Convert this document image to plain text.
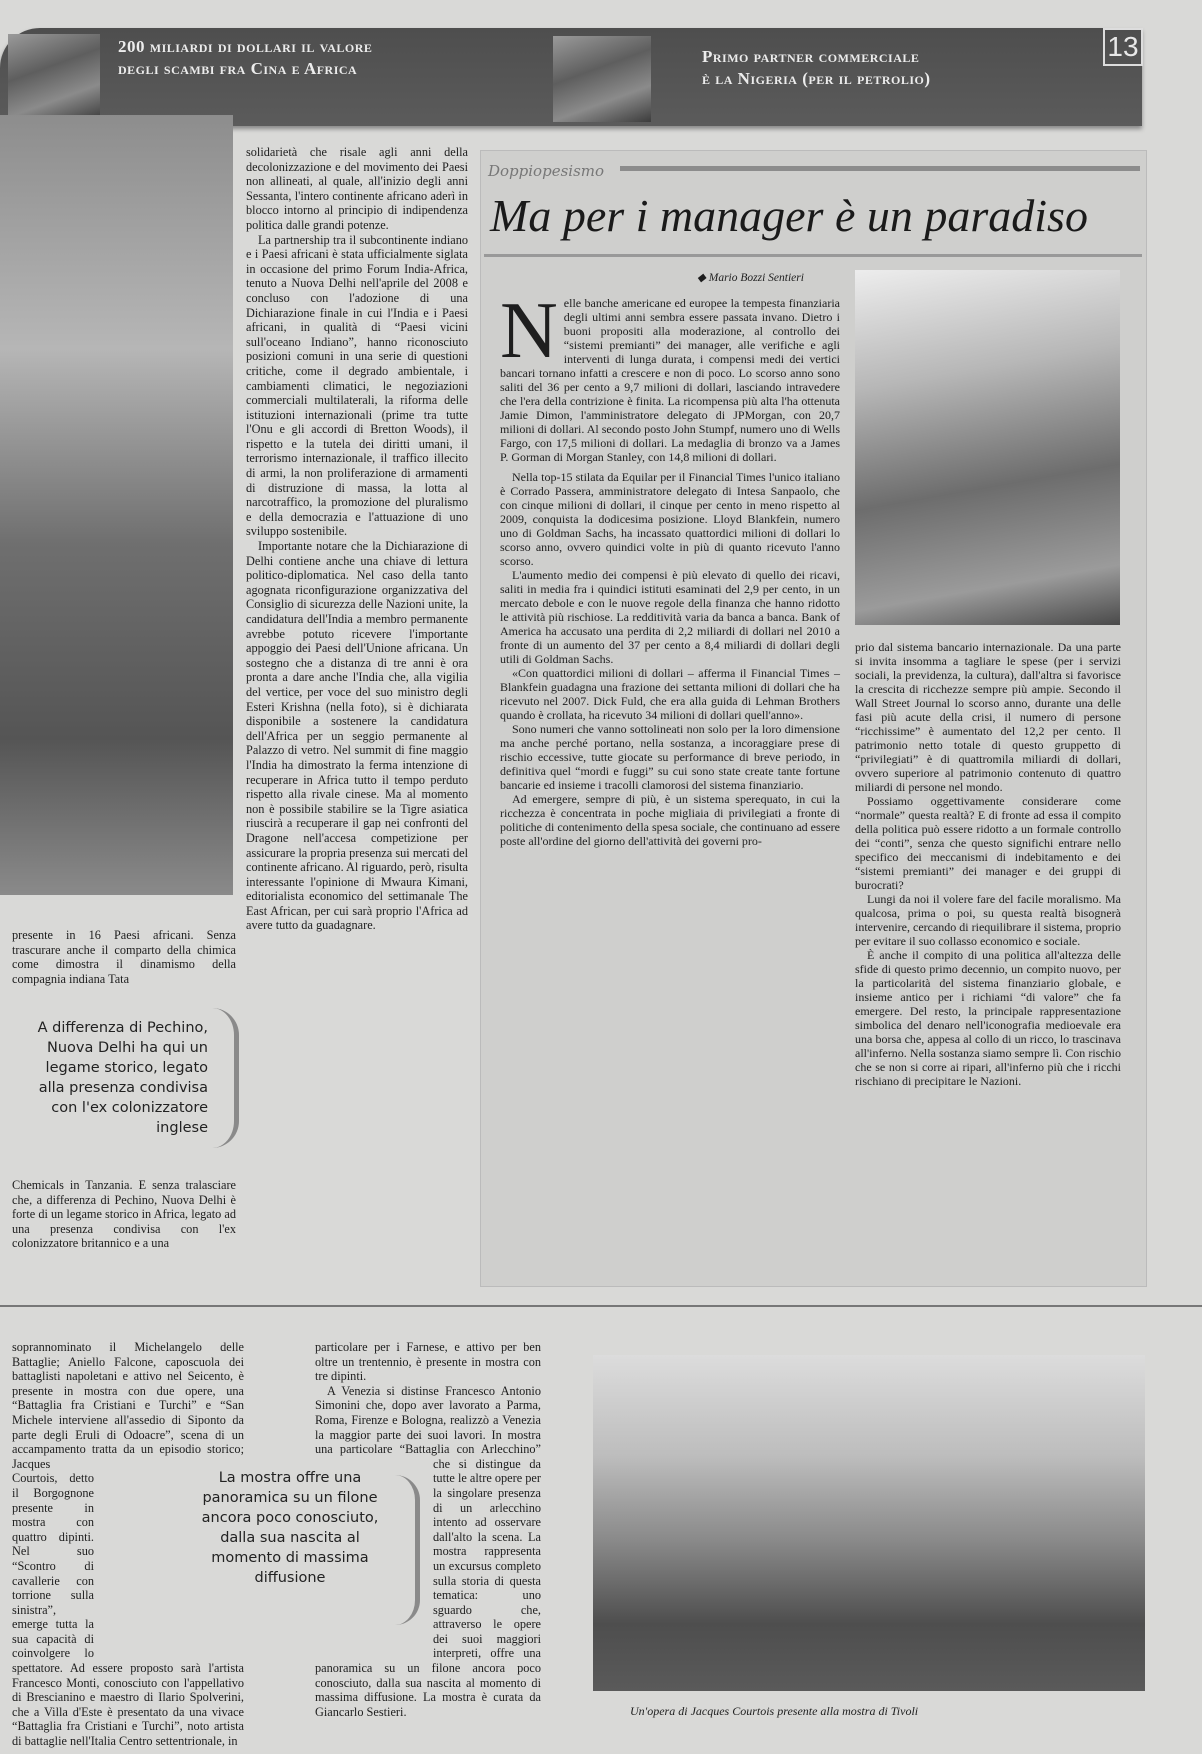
200 miliardi di dollari il valore
degli scambi fra Cina e Africa
Primo partner commerciale
è la Nigeria (per il petrolio)
13

presente in 16 Paesi africani. Senza trascurare anche il comparto della chimica come dimostra il dinamismo della compagnia indiana Tata

A differenza di Pechino, Nuova Delhi ha qui un legame storico, legato alla presenza condivisa con l'ex colonizzatore inglese

Chemicals in Tanzania. E senza tralasciare che, a differenza di Pechino, Nuova Delhi è forte di un legame storico in Africa, legato ad una presenza condivisa con l'ex colonizzatore britannico e a una

solidarietà che risale agli anni della decolonizzazione e del movimento dei Paesi non allineati, al quale, all'inizio degli anni Sessanta, l'intero continente africano aderì in blocco intorno al principio di indipendenza politica dalle grandi potenze.

La partnership tra il subcontinente indiano e i Paesi africani è stata ufficialmente siglata in occasione del primo Forum India-Africa, tenuto a Nuova Delhi nell'aprile del 2008 e concluso con l'adozione di una Dichiarazione finale in cui l'India e i Paesi africani, in qualità di “Paesi vicini sull'oceano Indiano”, hanno riconosciuto posizioni comuni in una serie di questioni critiche, come il degrado ambientale, i cambiamenti climatici, le negoziazioni commerciali multilaterali, la riforma delle istituzioni internazionali (prime tra tutte l'Onu e gli accordi di Bretton Woods), il rispetto e la tutela dei diritti umani, il terrorismo internazionale, il traffico illecito di armi, la non proliferazione di armamenti di distruzione di massa, la lotta al narcotraffico, la promozione del pluralismo e della democrazia e l'attuazione di uno sviluppo sostenibile.

Importante notare che la Dichiarazione di Delhi contiene anche una chiave di lettura politico-diplomatica. Nel caso della tanto agognata riconfigurazione organizzativa del Consiglio di sicurezza delle Nazioni unite, la candidatura dell'India a membro permanente avrebbe potuto ricevere l'importante appoggio dei Paesi dell'Unione africana. Un sostegno che a distanza di tre anni è ora pronta a dare anche l'India che, alla vigilia del vertice, per voce del suo ministro degli Esteri Krishna (nella foto), si è dichiarata disponibile a sostenere la candidatura dell'Africa per un seggio permanente al Palazzo di vetro. Nel summit di fine maggio l'India ha dimostrato la ferma intenzione di recuperare in Africa tutto il tempo perduto rispetto alla rivale cinese. Ma al momento non è possibile stabilire se la Tigre asiatica riuscirà a recuperare il gap nei confronti del Dragone nell'accesa competizione per assicurare la propria presenza sui mercati del continente africano. Al riguardo, però, risulta interessante l'opinione di Mwaura Kimani, editorialista economico del settimanale The East African, per cui sarà proprio l'Africa ad avere tutto da guadagnare.

Doppiopesismo
Ma per i manager è un paradiso
◆ Mario Bozzi Sentieri
N elle banche americane ed europee la tempesta finanziaria degli ultimi anni sembra essere passata invano. Dietro i buoni propositi alla moderazione, al controllo dei “sistemi premianti” dei manager, alle verifiche e agli interventi di lunga durata, i compensi medi dei vertici bancari tornano infatti a crescere e non di poco. Lo scorso anno sono saliti del 36 per cento a 9,7 milioni di dollari, lasciando intravedere che l'era della contrizione è finita. La ricompensa più alta l'ha ottenuta Jamie Dimon, l'amministratore delegato di JPMorgan, con 20,7 milioni di dollari. Al secondo posto John Stumpf, numero uno di Wells Fargo, con 17,5 milioni di dollari. La medaglia di bronzo va a James P. Gorman di Morgan Stanley, con 14,8 milioni di dollari.

Nella top-15 stilata da Equilar per il Financial Times l'unico italiano è Corrado Passera, amministratore delegato di Intesa Sanpaolo, che con cinque milioni di dollari, il cinque per cento in meno rispetto al 2009, conquista la dodicesima posizione. Lloyd Blankfein, numero uno di Goldman Sachs, ha incassato quattordici milioni di dollari lo scorso anno, ovvero quindici volte in più di quanto ricevuto l'anno scorso.

L'aumento medio dei compensi è più elevato di quello dei ricavi, saliti in media fra i quindici istituti esaminati del 2,9 per cento, in un mercato debole e con le nuove regole della finanza che hanno ridotto le attività più rischiose. La redditività varia da banca a banca. Bank of America ha accusato una perdita di 2,2 miliardi di dollari nel 2010 a fronte di un aumento del 37 per cento a 8,4 miliardi di dollari degli utili di Goldman Sachs.

«Con quattordici milioni di dollari – afferma il Financial Times – Blankfein guadagna una frazione dei settanta milioni di dollari che ha ricevuto nel 2007. Dick Fuld, che era alla guida di Lehman Brothers quando è crollata, ha ricevuto 34 milioni di dollari quell'anno».

Sono numeri che vanno sottolineati non solo per la loro dimensione ma anche perché portano, nella sostanza, a incoraggiare prese di rischio eccessive, tutte giocate su performance di breve periodo, in definitiva quel “mordi e fuggi” su cui sono state create tante fortune bancarie ed insieme i tracolli clamorosi del sistema finanziario.

Ad emergere, sempre di più, è un sistema sperequato, in cui la ricchezza è concentrata in poche migliaia di privilegiati a fronte di politiche di contenimento della spesa sociale, che continuano ad essere poste all'ordine del giorno dell'attività dei governi pro-

prio dal sistema bancario internazionale. Da una parte si invita insomma a tagliare le spese (per i servizi sociali, la previdenza, la cultura), dall'altra si favorisce la crescita di ricchezze sempre più ampie. Secondo il Wall Street Journal lo scorso anno, durante una delle fasi più acute della crisi, il numero di persone “ricchissime” è aumentato del 12,2 per cento. Il patrimonio netto totale di questo gruppetto di “privilegiati” è di quattromila miliardi di dollari, ovvero superiore al patrimonio contenuto di quattro miliardi di persone nel mondo.

Possiamo oggettivamente considerare come “normale” questa realtà? E di fronte ad essa il compito della politica può essere ridotto a un formale controllo dei “conti”, senza che questo significhi entrare nello specifico dei meccanismi di indebitamento e dei “sistemi premianti” dei manager e dei gruppi di burocrati?

Lungi da noi il volere fare del facile moralismo. Ma qualcosa, prima o poi, su questa realtà bisognerà intervenire, cercando di riequilibrare il sistema, proprio per evitare il suo collasso economico e sociale.

È anche il compito di una politica all'altezza delle sfide di questo primo decennio, un compito nuovo, per la particolarità del sistema finanziario globale, e insieme antico per i richiami “di valore” che fa emergere. Del resto, la principale rappresentazione simbolica del denaro nell'iconografia medioevale era una borsa che, appesa al collo di un ricco, lo trascinava all'inferno. Nella sostanza siamo sempre lì. Con rischio che se non si corre ai ripari, all'inferno più che i ricchi rischiano di precipitare le Nazioni.

soprannominato il Michelangelo delle Battaglie; Aniello Falcone, caposcuola dei battaglisti napoletani e attivo nel Seicento, è presente in mostra con due opere, una “Battaglia fra Cristiani e Turchi” e “San Michele interviene all'assedio di Siponto da parte degli Eruli di Odoacre”, scena di un accampamento tratta da un episodio storico; Jacques Courtois, detto il Borgognone presente in mostra con quattro dipinti. Nel suo “Scontro di cavallerie con torrione sulla sinistra”, emerge tutta la sua capacità di coinvolgere lo spettatore. Ad essere proposto sarà l'artista Francesco Monti, conosciuto con l'appellativo di Brescianino e maestro di Ilario Spolverini, che a Villa d'Este è presentato da una vivace “Battaglia fra Cristiani e Turchi”, noto artista di battaglie nell'Italia Centro settentrionale, in

particolare per i Farnese, e attivo per ben oltre un trentennio, è presente in mostra con tre dipinti.

A Venezia si distinse Francesco Antonio Simonini che, dopo aver lavorato a Parma, Roma, Firenze e Bologna, realizzò a Venezia la maggior parte dei suoi lavori. In mostra una particolare “Battaglia con Arlecchino” che si distingue da tutte le altre opere per la singolare presenza di un arlecchino intento ad osservare dall'alto la scena. La mostra rappresenta un excursus completo sulla storia di questa tematica: uno sguardo che, attraverso le opere dei suoi maggiori interpreti, offre una panoramica su un filone ancora poco conosciuto, dalla sua nascita al momento di massima diffusione. La mostra è curata da Giancarlo Sestieri.

La mostra offre una panoramica su un filone ancora poco conosciuto, dalla sua nascita al momento di massima diffusione
Un'opera di Jacques Courtois presente alla mostra di Tivoli
